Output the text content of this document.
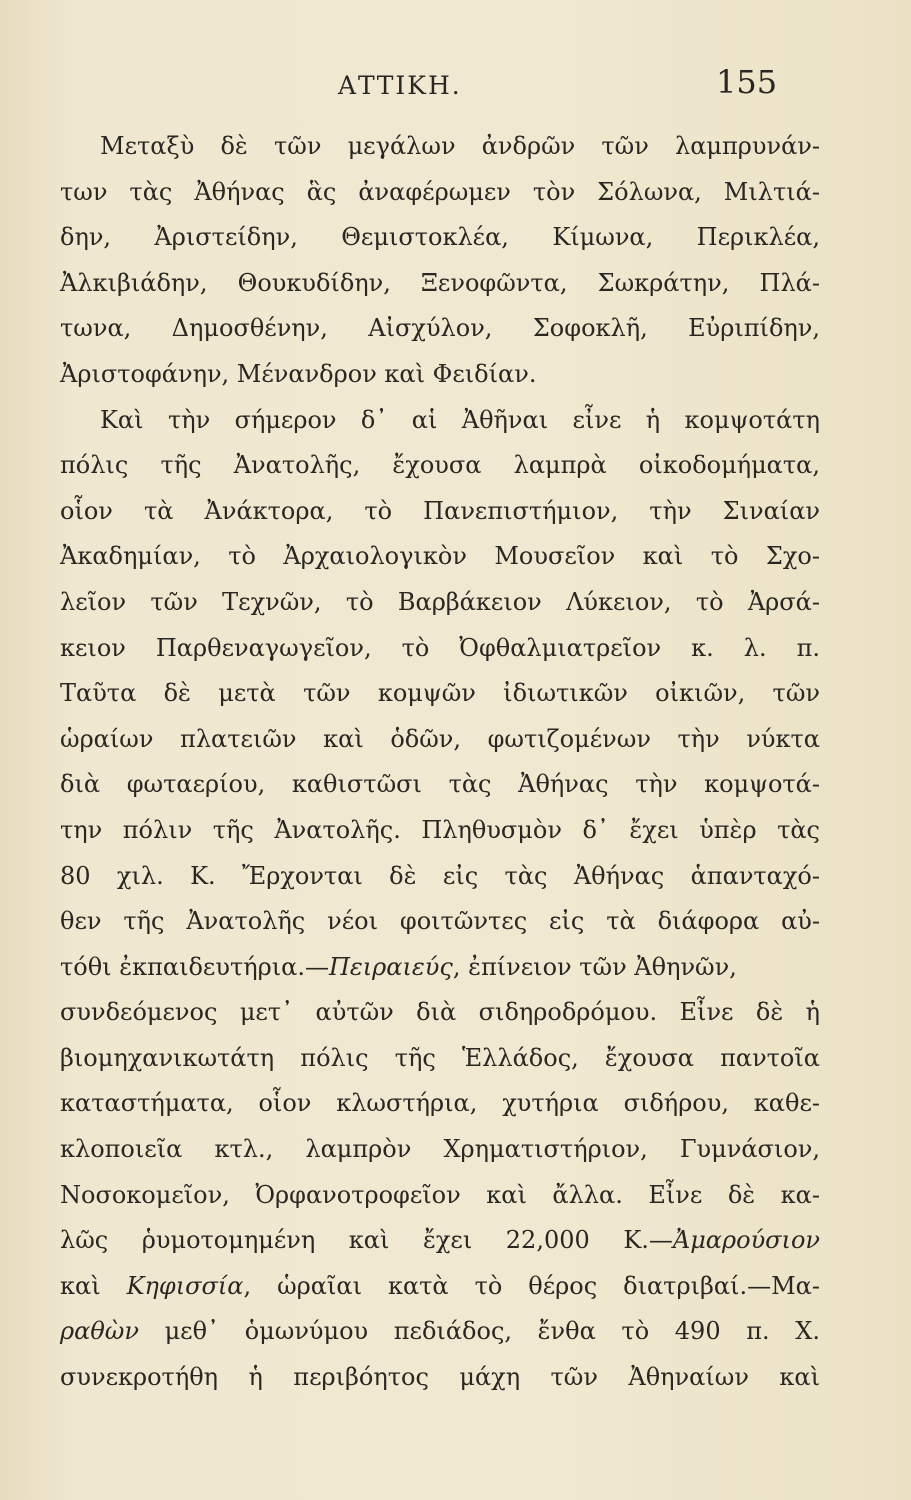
ΑΤΤΙΚΗ.	155
Μεταξὺ δὲ τῶν μεγάλων ἀνδρῶν τῶν λαμπρυνάν-
των τὰς Ἀθήνας ἃς ἀναφέρωμεν τὸν Σόλωνα, Μιλτιά-
δην, Ἀριστείδην, Θεμιστοκλέα, Κίμωνα, Περικλέα,
Ἀλκιβιάδην, Θουκυδίδην, Ξενοφῶντα, Σωκράτην, Πλά-
τωνα, Δημοσθένην, Αἰσχύλον, Σοφοκλῆ, Εὐριπίδην,
Ἀριστοφάνην, Μένανδρον καὶ Φειδίαν.
Καὶ τὴν σήμερον δ᾽ αἱ Ἀθῆναι εἶνε ἡ κομψοτάτη
πόλις τῆς Ἀνατολῆς, ἔχουσα λαμπρὰ οἰκοδομήματα,
οἷον τὰ Ἀνάκτορα, τὸ Πανεπιστήμιον, τὴν Σιναίαν
Ἀκαδημίαν, τὸ Ἀρχαιολογικὸν Μουσεῖον καὶ τὸ Σχο-
λεῖον τῶν Τεχνῶν, τὸ Βαρβάκειον Λύκειον, τὸ Ἀρσά-
κειον Παρθεναγωγεῖον, τὸ Ὀφθαλμιατρεῖον κ. λ. π.
Ταῦτα δὲ μετὰ τῶν κομψῶν ἰδιωτικῶν οἰκιῶν, τῶν
ὡραίων πλατειῶν καὶ ὁδῶν, φωτιζομένων τὴν νύκτα
διὰ φωταερίου, καθιστῶσι τὰς Ἀθήνας τὴν κομψοτά-
την πόλιν τῆς Ἀνατολῆς. Πληθυσμὸν δ᾽ ἔχει ὑπὲρ τὰς
80 χιλ. Κ. Ἔρχονται δὲ εἰς τὰς Ἀθήνας ἁπανταχό-
θεν τῆς Ἀνατολῆς νέοι φοιτῶντες εἰς τὰ διάφορα αὐ-
τόθι ἐκπαιδευτήρια.—Πειραιεύς, ἐπίνειον τῶν Ἀθηνῶν,
συνδεόμενος μετ᾽ αὐτῶν διὰ σιδηροδρόμου. Εἶνε δὲ ἡ
βιομηχανικωτάτη πόλις τῆς Ἑλλάδος, ἔχουσα παντοῖα
καταστήματα, οἷον κλωστήρια, χυτήρια σιδήρου, καθε-
κλοποιεῖα κτλ., λαμπρὸν Χρηματιστήριον, Γυμνάσιον,
Νοσοκομεῖον, Ὀρφανοτροφεῖον καὶ ἄλλα. Εἶνε δὲ κα-
λῶς ῥυμοτομημένη καὶ ἔχει 22,000 Κ.—Ἀμαρούσιον
καὶ Κηφισσία, ὡραῖαι κατὰ τὸ θέρος διατριβαί.—Μα-
ραθὼν μεθ᾽ ὁμωνύμου πεδιάδος, ἔνθα τὸ 490 π. Χ.
συνεκροτήθη ἡ περιβόητος μάχη τῶν Ἀθηναίων καὶ
